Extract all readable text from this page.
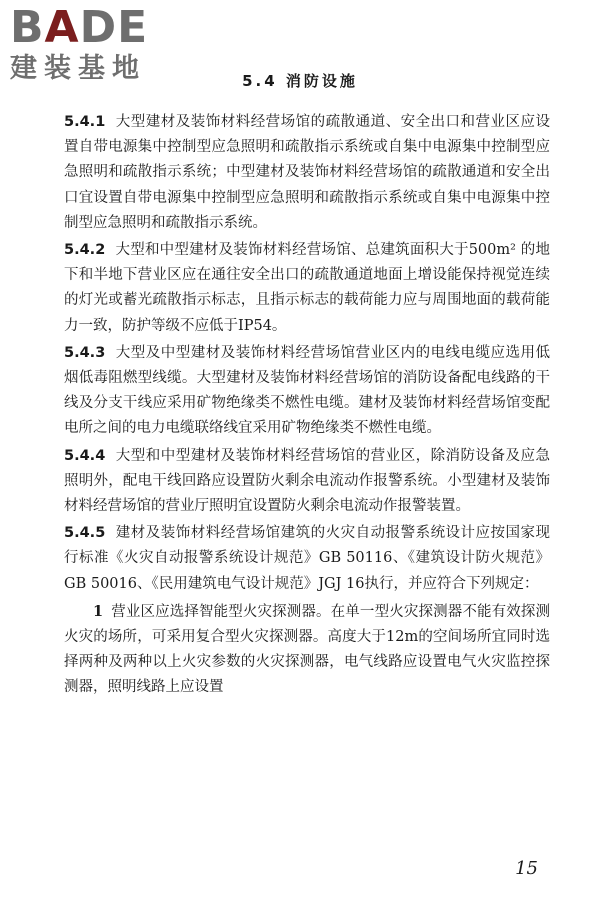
BADE
建装基地	5.4 消防设施

5.4.1 大型建材及装饰材料经营场馆的疏散通道、安全出口和营业区应设置自带电源集中控制型应急照明和疏散指示系统或自集中电源集中控制型应急照明和疏散指示系统；中型建材及装饰材料经营场馆的疏散通道和安全出口宜设置自带电源集中控制型应急照明和疏散指示系统或自集中电源集中控制型应急照明和疏散指示系统。

5.4.2 大型和中型建材及装饰材料经营场馆、总建筑面积大于500m² 的地下和半地下营业区应在通往安全出口的疏散通道地面上增设能保持视觉连续的灯光或蓄光疏散指示标志，且指示标志的载荷能力应与周围地面的载荷能力一致，防护等级不应低于IP54。

5.4.3 大型及中型建材及装饰材料经营场馆营业区内的电线电缆应选用低烟低毒阻燃型线缆。大型建材及装饰材料经营场馆的消防设备配电线路的干线及分支干线应采用矿物绝缘类不燃性电缆。建材及装饰材料经营场馆变配电所之间的电力电缆联络线宜采用矿物绝缘类不燃性电缆。

5.4.4 大型和中型建材及装饰材料经营场馆的营业区，除消防设备及应急照明外，配电干线回路应设置防火剩余电流动作报警系统。小型建材及装饰材料经营场馆的营业厅照明宜设置防火剩余电流动作报警装置。

5.4.5 建材及装饰材料经营场馆建筑的火灾自动报警系统设计应按国家现行标准《火灾自动报警系统设计规范》GB 50116、《建筑设计防火规范》GB 50016、《民用建筑电气设计规范》JGJ 16执行，并应符合下列规定：

1 营业区应选择智能型火灾探测器。在单一型火灾探测器不能有效探测火灾的场所，可采用复合型火灾探测器。高度大于12m的空间场所宜同时选择两种及两种以上火灾参数的火灾探测器，电气线路应设置电气火灾监控探测器，照明线路上应设置

15
